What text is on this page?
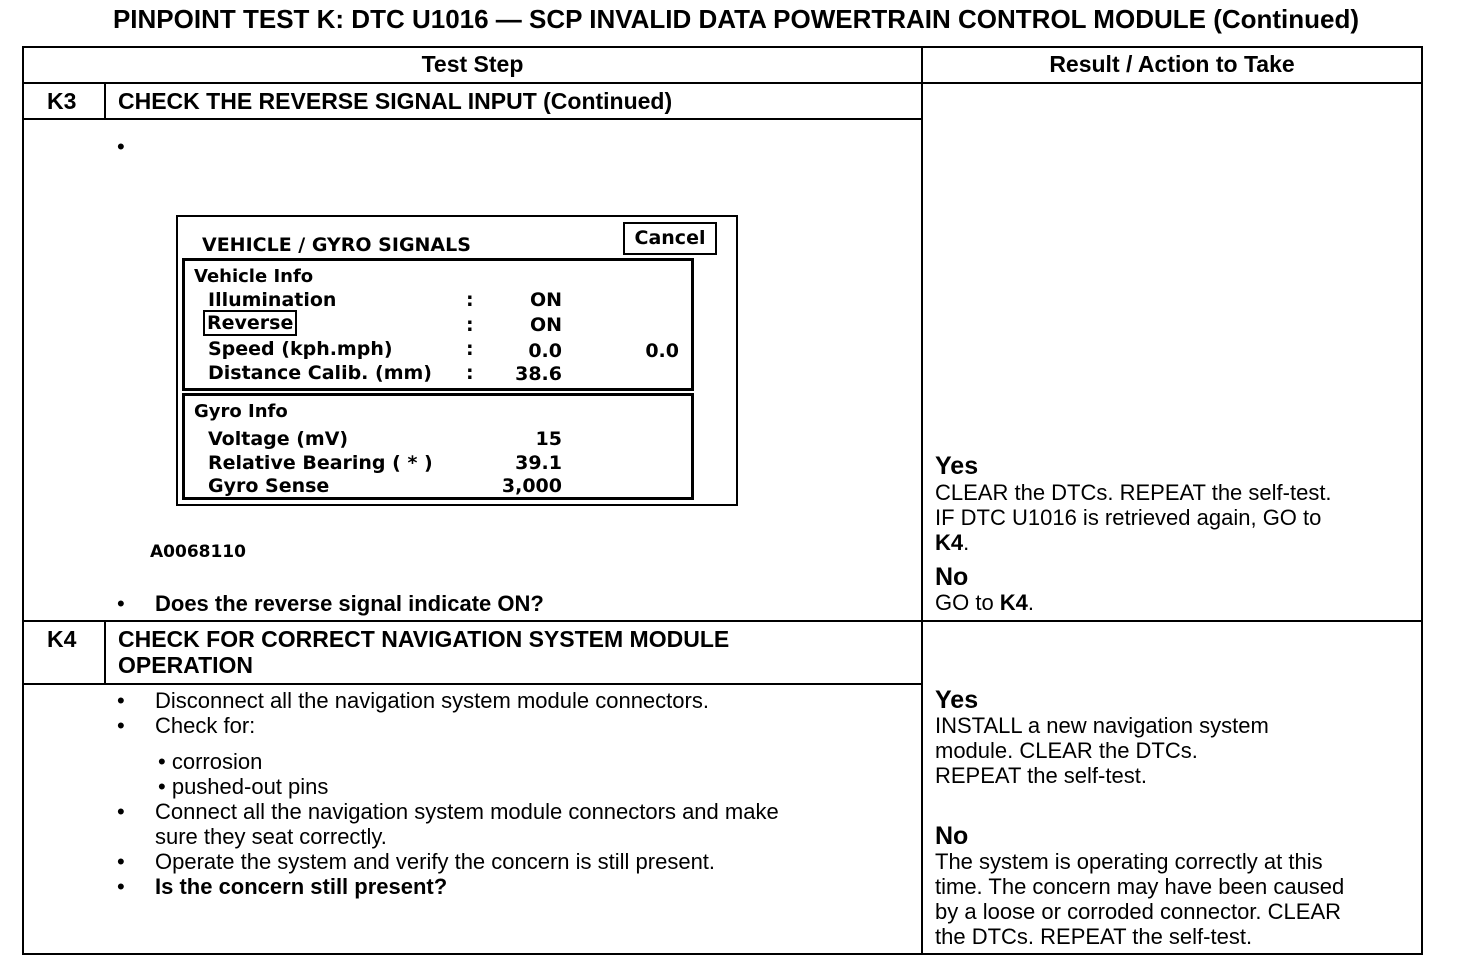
PINPOINT TEST K: DTC U1016 — SCP INVALID DATA POWERTRAIN CONTROL MODULE (Continued)
Test Step	Result / Action to Take
K3 CHECK THE REVERSE SIGNAL INPUT (Continued)
•
VEHICLE / GYRO SIGNALS	Cancel
Vehicle Info
Illumination	:	ON
Reverse	:	ON
Speed (kph.mph)	:	0.0	0.0
Distance Calib. (mm) :	38.6
Gyro Info
Voltage (mV)	15
Relative Bearing ( * )	39.1
Gyro Sense	3,000
A0068110
• Does the reverse signal indicate ON?
Yes
CLEAR the DTCs. REPEAT the self-test.
IF DTC U1016 is retrieved again, GO to
K4.
No
GO to K4.
K4 CHECK FOR CORRECT NAVIGATION SYSTEM MODULE
OPERATION
• Disconnect all the navigation system module connectors.
• Check for:
• corrosion
• pushed-out pins
• Connect all the navigation system module connectors and make
sure they seat correctly.
• Operate the system and verify the concern is still present.
• Is the concern still present?
Yes
INSTALL a new navigation system
module. CLEAR the DTCs.
REPEAT the self-test.
No
The system is operating correctly at this
time. The concern may have been caused
by a loose or corroded connector. CLEAR
the DTCs. REPEAT the self-test.
